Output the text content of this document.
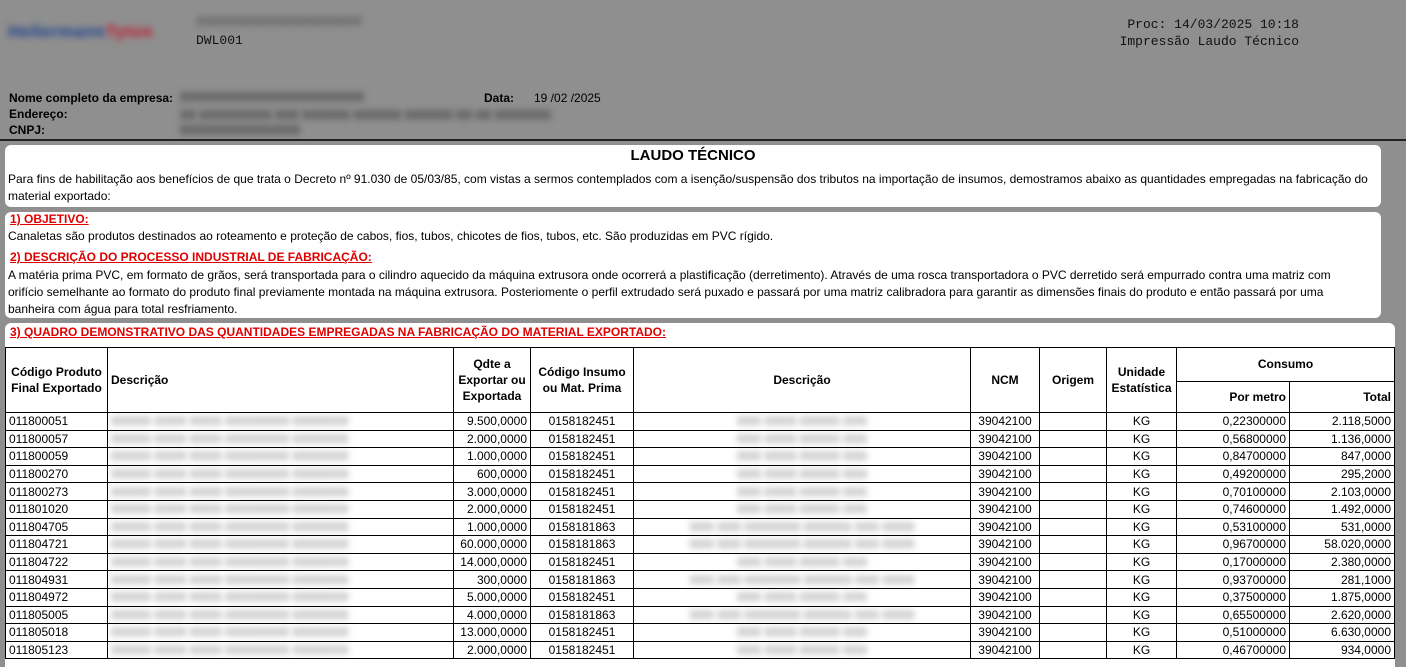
HellermannTyton	XXXXXXXXXXXXXXXXXXXXXXX
DWL001
Proc: 14/03/2025 10:18
Impressão Laudo Técnico
Nome completo da empresa: XXXXXXXXXXXXXXXXXXXXXXX
Endereço:	XX XXXXXXXXX XXX XXXXXX XXXXXX XXXXXX XX XX XXXXXXX
CNPJ:	XXXXXXXXXXXXXXX
Data: 19 /02 /2025
LAUDO TÉCNICO
Para fins de habilitação aos benefícios de que trata o Decreto nº 91.030 de 05/03/85, com vistas a sermos contemplados com a isenção/suspensão dos tributos na importação de insumos, demostramos abaixo as quantidades empregadas na fabricação do material exportado:
1) OBJETIVO:
Canaletas são produtos destinados ao roteamento e proteção de cabos, fios, tubos, chicotes de fios, tubos, etc. São produzidas em PVC rígido.
2) DESCRIÇÃO DO PROCESSO INDUSTRIAL DE FABRICAÇÃO:
A matéria prima PVC, em formato de grãos, será transportada para o cilindro aquecido da máquina extrusora onde ocorrerá a plastificação (derretimento). Através de uma rosca transportadora o PVC derretido será empurrado contra uma matriz com orifício semelhante ao formato do produto final previamente montada na máquina extrusora. Posteriomente o perfil extrudado será puxado e passará por uma matriz calibradora para garantir as dimensões finais do produto e então passará por uma banheira com água para total resfriamento.
3) QUADRO DEMONSTRATIVO DAS QUANTIDADES EMPREGADAS NA FABRICAÇÃO DO MATERIAL EXPORTADO:
Código Produto Final Exportado	Descrição	Qdte a Exportar ou Exportada	Código Insumo ou Mat. Prima	Descrição	NCM	Origem	Unidade Estatística	Consumo	
								Por metro	Total
011800051	XXXXX XXXX XXXX XXXXXXXX XXXXXXX	9.500,0000	0158182451	XXX XXXX XXXXX XXX	39042100		KG	0,22300000	2.118,5000
011800057	XXXXX XXXX XXXX XXXXXXXX XXXXXXX	2.000,0000	0158182451	XXX XXXX XXXXX XXX	39042100		KG	0,56800000	1.136,0000
011800059	XXXXX XXXX XXXX XXXXXXXX XXXXXXX	1.000,0000	0158182451	XXX XXXX XXXXX XXX	39042100		KG	0,84700000	847,0000
011800270	XXXXX XXXX XXXX XXXXXXXX XXXXXXX	600,0000	0158182451	XXX XXXX XXXXX XXX	39042100		KG	0,49200000	295,2000
011800273	XXXXX XXXX XXXX XXXXXXXX XXXXXXX	3.000,0000	0158182451	XXX XXXX XXXXX XXX	39042100		KG	0,70100000	2.103,0000
011801020	XXXXX XXXX XXXX XXXXXXXX XXXXXXX	2.000,0000	0158182451	XXX XXXX XXXXX XXX	39042100		KG	0,74600000	1.492,0000
011804705	XXXXX XXXX XXXX XXXXXXXX XXXXXXX	1.000,0000	0158181863	XXX XXX XXXXXXX XXXXXX XXX XXXX	39042100		KG	0,53100000	531,0000
011804721	XXXXX XXXX XXXX XXXXXXXX XXXXXXX	60.000,0000	0158181863	XXX XXX XXXXXXX XXXXXX XXX XXXX	39042100		KG	0,96700000	58.020,0000
011804722	XXXXX XXXX XXXX XXXXXXXX XXXXXXX	14.000,0000	0158182451	XXX XXXX XXXXX XXX	39042100		KG	0,17000000	2.380,0000
011804931	XXXXX XXXX XXXX XXXXXXXX XXXXXXX	300,0000	0158181863	XXX XXX XXXXXXX XXXXXX XXX XXXX	39042100		KG	0,93700000	281,1000
011804972	XXXXX XXXX XXXX XXXXXXXX XXXXXXX	5.000,0000	0158182451	XXX XXXX XXXXX XXX	39042100		KG	0,37500000	1.875,0000
011805005	XXXXX XXXX XXXX XXXXXXXX XXXXXXX	4.000,0000	0158181863	XXX XXX XXXXXXX XXXXXX XXX XXXX	39042100		KG	0,65500000	2.620,0000
011805018	XXXXX XXXX XXXX XXXXXXXX XXXXXXX	13.000,0000	0158182451	XXX XXXX XXXXX XXX	39042100		KG	0,51000000	6.630,0000
011805123	XXXXX XXXX XXXX XXXXXXXX XXXXXXX	2.000,0000	0158182451	XXX XXXX XXXXX XXX	39042100		KG	0,46700000	934,0000
